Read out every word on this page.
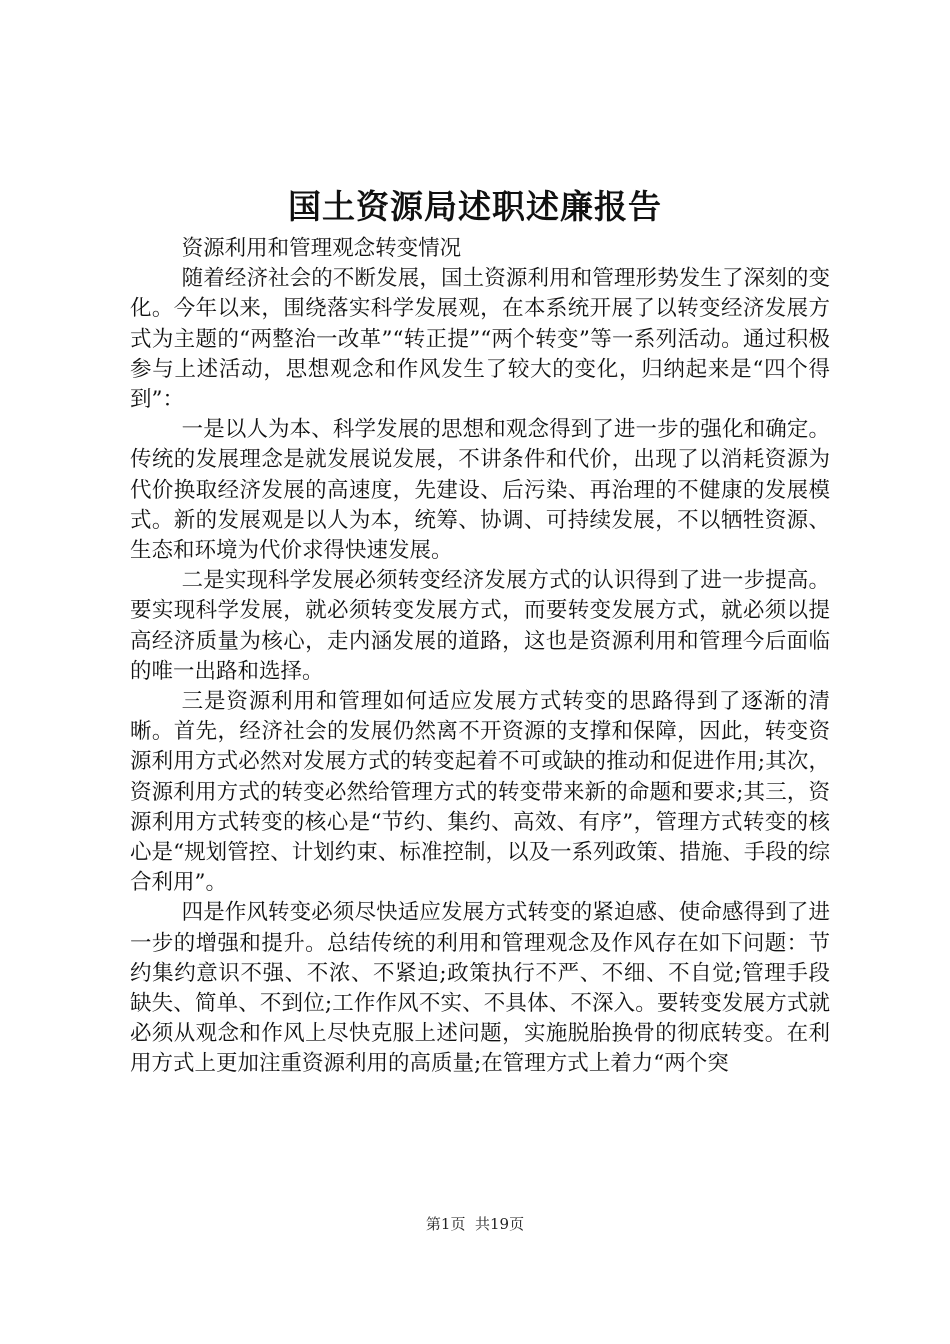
国土资源局述职述廉报告

资源利用和管理观念转变情况

随着经济社会的不断发展，国土资源利用和管理形势发生了深刻的变化。今年以来，围绕落实科学发展观，在本系统开展了以转变经济发展方式为主题的“两整治一改革”“转正提”“两个转变”等一系列活动。通过积极参与上述活动，思想观念和作风发生了较大的变化，归纳起来是“四个得到”：

一是以人为本、科学发展的思想和观念得到了进一步的强化和确定。传统的发展理念是就发展说发展，不讲条件和代价，出现了以消耗资源为代价换取经济发展的高速度，先建设、后污染、再治理的不健康的发展模式。新的发展观是以人为本，统筹、协调、可持续发展，不以牺牲资源、生态和环境为代价求得快速发展。

二是实现科学发展必须转变经济发展方式的认识得到了进一步提高。要实现科学发展，就必须转变发展方式，而要转变发展方式，就必须以提高经济质量为核心，走内涵发展的道路，这也是资源利用和管理今后面临的唯一出路和选择。

三是资源利用和管理如何适应发展方式转变的思路得到了逐渐的清晰。首先，经济社会的发展仍然离不开资源的支撑和保障，因此，转变资源利用方式必然对发展方式的转变起着不可或缺的推动和促进作用;其次，资源利用方式的转变必然给管理方式的转变带来新的命题和要求;其三，资源利用方式转变的核心是“节约、集约、高效、有序”，管理方式转变的核心是“规划管控、计划约束、标准控制，以及一系列政策、措施、手段的综合利用”。

四是作风转变必须尽快适应发展方式转变的紧迫感、使命感得到了进一步的增强和提升。总结传统的利用和管理观念及作风存在如下问题：节约集约意识不强、不浓、不紧迫;政策执行不严、不细、不自觉;管理手段缺失、简单、不到位;工作作风不实、不具体、不深入。要转变发展方式就必须从观念和作风上尽快克服上述问题，实施脱胎换骨的彻底转变。在利用方式上更加注重资源利用的高质量;在管理方式上着力“两个突

第1页  共19页
